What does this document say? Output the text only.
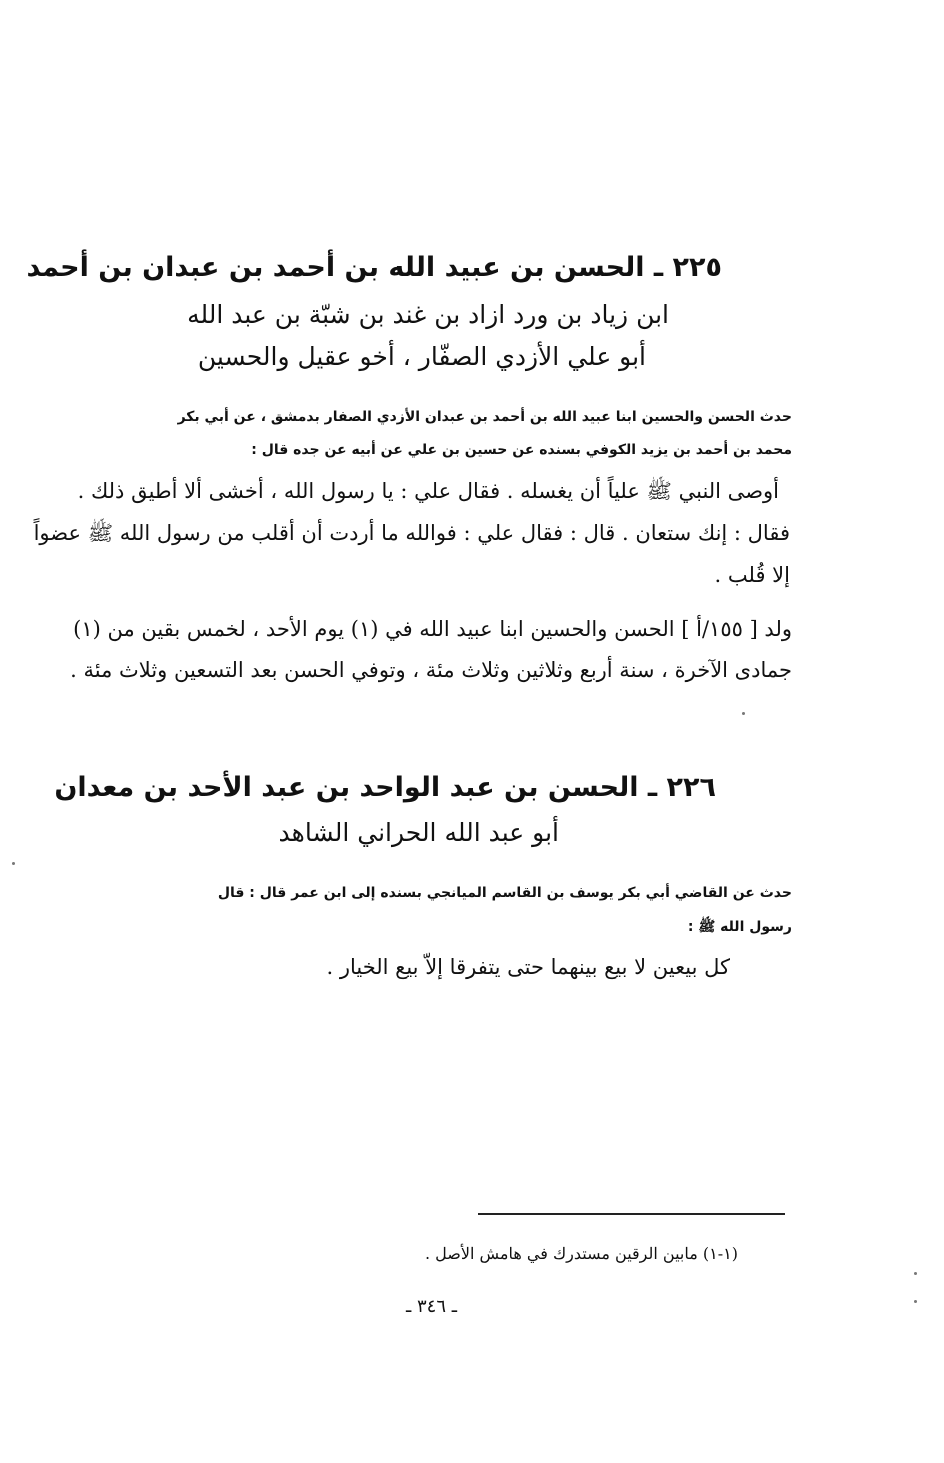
٢٢٥ ـ الحسن بن عبيد الله بن أحمد بن عبدان بن أحمد
ابن زياد بن ورد ازاد بن غند بن شبّة بن عبد الله
أبو علي الأزدي الصفّار ، أخو عقيل والحسين
حدث الحسن والحسين ابنا عبيد الله بن أحمد بن عبدان الأزدي الصفار بدمشق ، عن أبي بكر
محمد بن أحمد بن يزيد الكوفي بسنده عن حسين بن علي عن أبيه عن جده قال :
أوصى النبي ﷺ علياً أن يغسله . فقال علي : يا رسول الله ، أخشى ألا أطيق ذلك .
فقال : إنك ستعان . قال : فقال علي : فوالله ما أردت أن أقلب من رسول الله ﷺ عضواً
إلا قُلب .
ولد [ ١٥٥/أ ] الحسن والحسين ابنا عبيد الله في (١) يوم الأحد ، لخمس بقين من (١)
جمادى الآخرة ، سنة أربع وثلاثين وثلاث مئة ، وتوفي الحسن بعد التسعين وثلاث مئة .
٢٢٦ ـ الحسن بن عبد الواحد بن عبد الأحد بن معدان
أبو عبد الله الحراني الشاهد
حدث عن القاضي أبي بكر يوسف بن القاسم الميانجي بسنده إلى ابن عمر قال : قال
رسول الله ﷺ :
كل بيعين لا بيع بينهما حتى يتفرقا إلاّ بيع الخيار .
(١-١) مابين الرقين مستدرك في هامش الأصل .
ـ ٣٤٦ ـ
